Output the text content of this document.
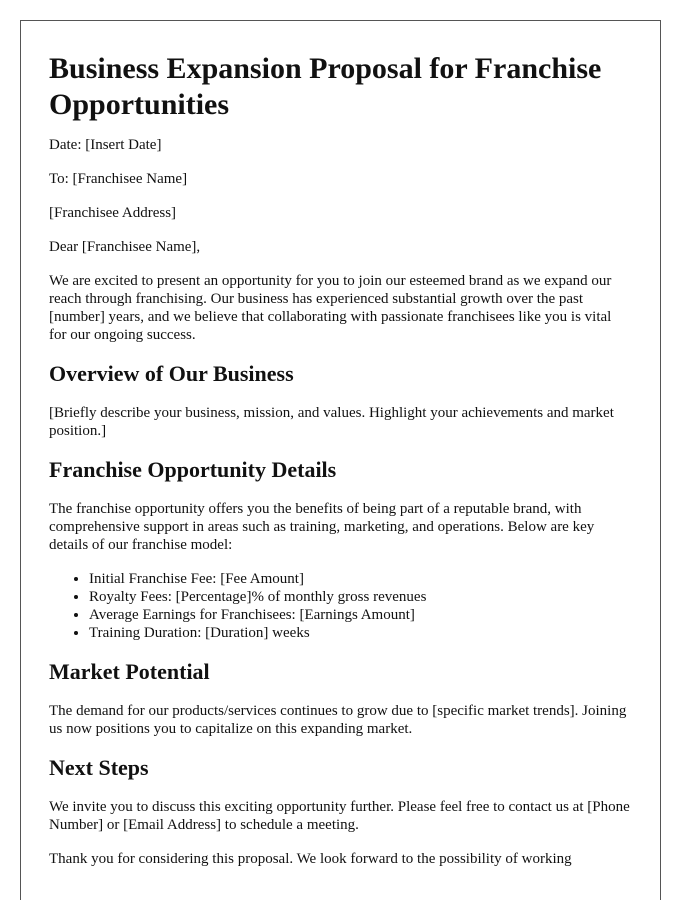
Business Expansion Proposal for Franchise Opportunities

Date: [Insert Date]

To: [Franchisee Name]

[Franchisee Address]

Dear [Franchisee Name],

We are excited to present an opportunity for you to join our esteemed brand as we expand our reach through franchising. Our business has experienced substantial growth over the past [number] years, and we believe that collaborating with passionate franchisees like you is vital for our ongoing success.

Overview of Our Business

[Briefly describe your business, mission, and values. Highlight your achievements and market position.]

Franchise Opportunity Details

The franchise opportunity offers you the benefits of being part of a reputable brand, with comprehensive support in areas such as training, marketing, and operations. Below are key details of our franchise model:

• Initial Franchise Fee: [Fee Amount]
• Royalty Fees: [Percentage]% of monthly gross revenues
• Average Earnings for Franchisees: [Earnings Amount]
• Training Duration: [Duration] weeks
Market Potential

The demand for our products/services continues to grow due to [specific market trends]. Joining us now positions you to capitalize on this expanding market.

Next Steps

We invite you to discuss this exciting opportunity further. Please feel free to contact us at [Phone Number] or [Email Address] to schedule a meeting.

Thank you for considering this proposal. We look forward to the possibility of working
